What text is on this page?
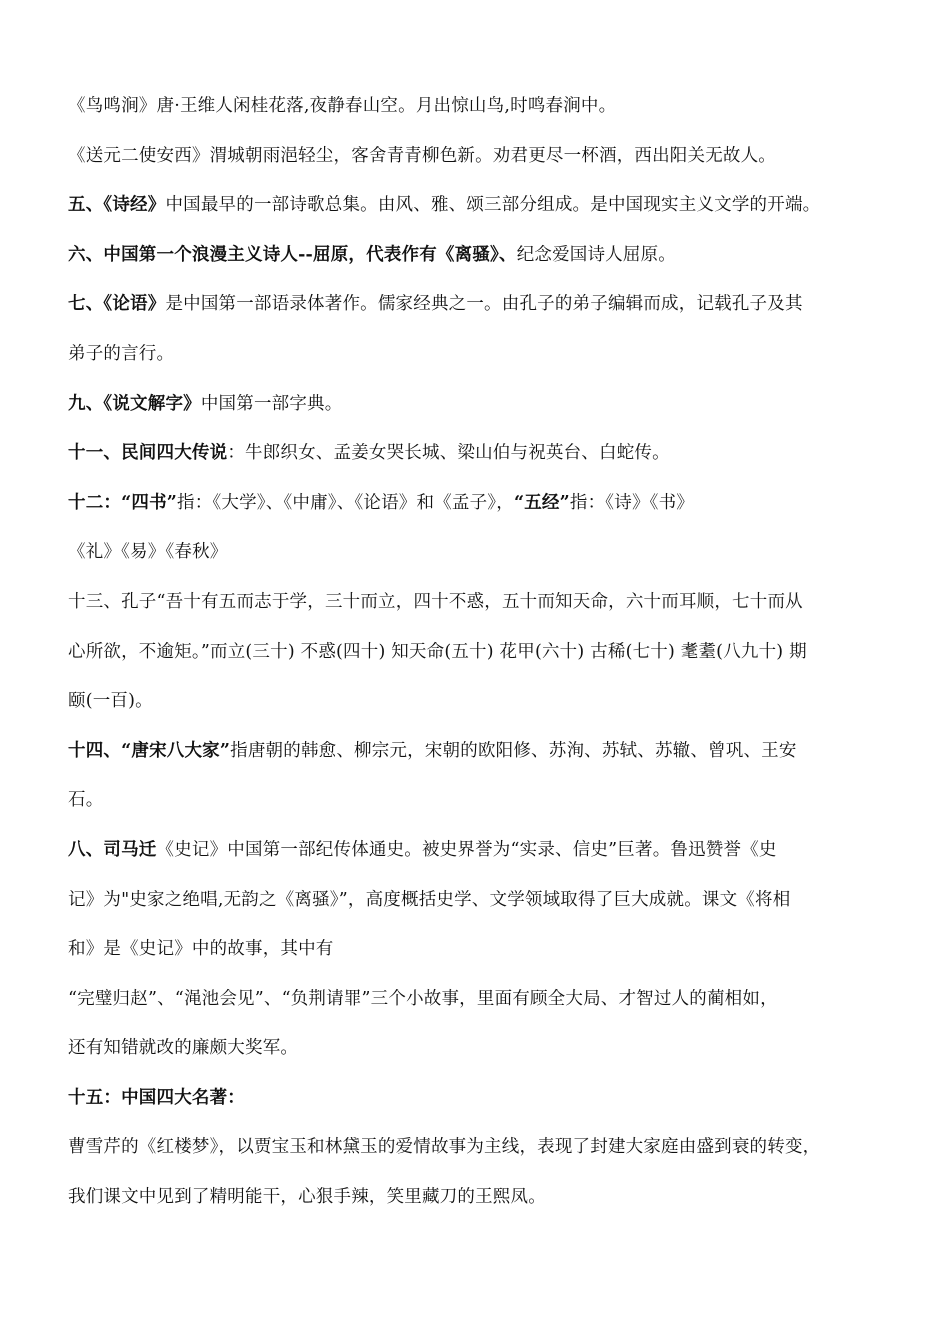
《鸟鸣涧》唐·王维人闲桂花落,夜静春山空。月出惊山鸟,时鸣春涧中。
《送元二使安西》渭城朝雨浥轻尘，客舍青青柳色新。劝君更尽一杯酒，西出阳关无故人。
五、《诗经》中国最早的一部诗歌总集。由风、雅、颂三部分组成。是中国现实主义文学的开端。
六、中国第一个浪漫主义诗人--屈原，代表作有《离骚》、纪念爱国诗人屈原。
七、《论语》是中国第一部语录体著作。儒家经典之一。由孔子的弟子编辑而成，记载孔子及其
弟子的言行。
九、《说文解字》中国第一部字典。
十一、民间四大传说：牛郎织女、孟姜女哭长城、梁山伯与祝英台、白蛇传。
十二：“四书”指：《大学》、《中庸》、《论语》和《孟子》，“五经”指：《诗》《书》
《礼》《易》《春秋》
十三、孔子“吾十有五而志于学，三十而立，四十不惑，五十而知天命，六十而耳顺，七十而从
心所欲，不逾矩。”而立(三十) 不惑(四十) 知天命(五十) 花甲(六十) 古稀(七十) 耄耋(八九十) 期
颐(一百)。
十四、“唐宋八大家”指唐朝的韩愈、柳宗元，宋朝的欧阳修、苏洵、苏轼、苏辙、曾巩、王安
石。
八、司马迁《史记》中国第一部纪传体通史。被史界誉为“实录、信史”巨著。鲁迅赞誉《史
记》为"史家之绝唱,无韵之《离骚》”，高度概括史学、文学领域取得了巨大成就。课文《将相
和》是《史记》中的故事，其中有
“完璧归赵”、“渑池会见”、“负荆请罪”三个小故事，里面有顾全大局、才智过人的蔺相如，
还有知错就改的廉颇大奖军。
十五：中国四大名著：
曹雪芹的《红楼梦》，以贾宝玉和林黛玉的爱情故事为主线，表现了封建大家庭由盛到衰的转变，
我们课文中见到了精明能干，心狠手辣，笑里藏刀的王熙凤。
